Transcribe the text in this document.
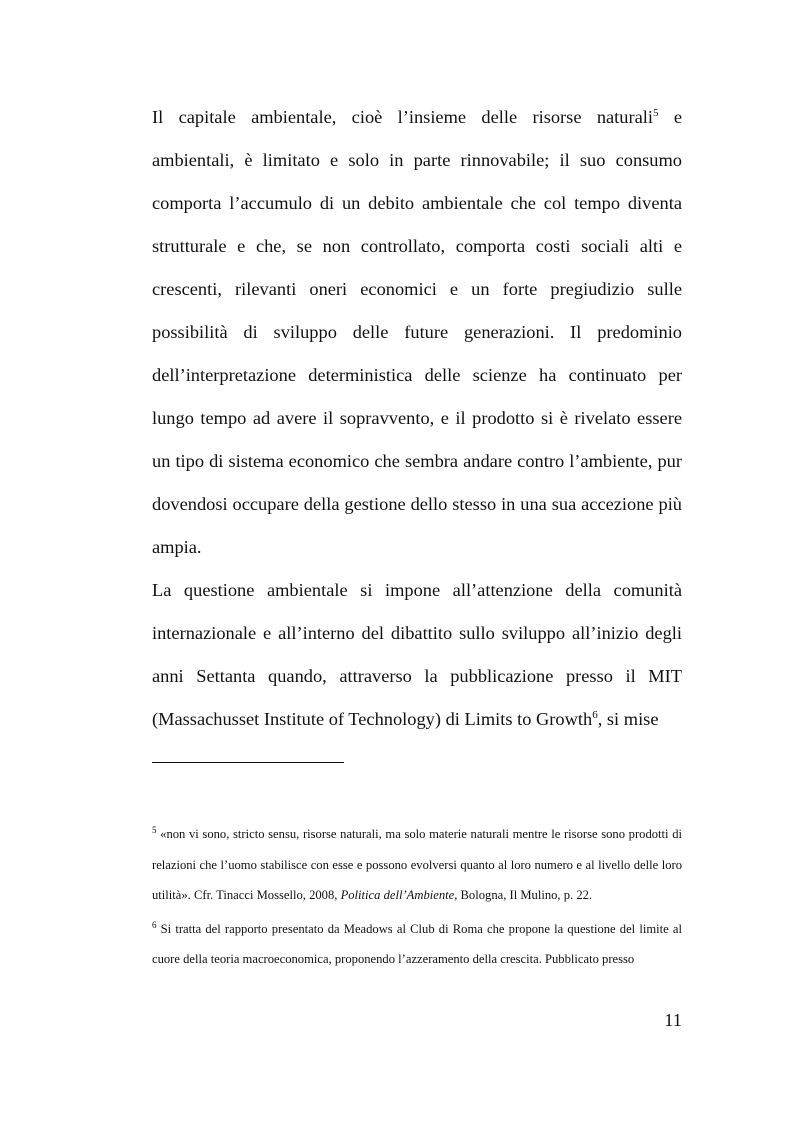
Il capitale ambientale, cioè l’insieme delle risorse naturali$^5$ e ambientali, è limitato e solo in parte rinnovabile; il suo consumo comporta l’accumulo di un debito ambientale che col tempo diventa strutturale e che, se non controllato, comporta costi sociali alti e crescenti, rilevanti oneri economici e un forte pregiudizio sulle possibilità di sviluppo delle future generazioni. Il predominio dell’interpretazione deterministica delle scienze ha continuato per lungo tempo ad avere il sopravvento, e il prodotto si è rivelato essere un tipo di sistema economico che sembra andare contro l’ambiente, pur dovendosi occupare della gestione dello stesso in una sua accezione più ampia.

La questione ambientale si impone all’attenzione della comunità internazionale e all’interno del dibattito sullo sviluppo all’inizio degli anni Settanta quando, attraverso la pubblicazione presso il MIT (Massachusset Institute of Technology) di Limits to Growth$^6$, si mise

$^5$ «non vi sono, stricto sensu, risorse naturali, ma solo materie naturali mentre le risorse sono prodotti di relazioni che l’uomo stabilisce con esse e possono evolversi quanto al loro numero e al livello delle loro utilità». Cfr. Tinacci Mossello, 2008, Politica dell’Ambiente, Bologna, Il Mulino, p. 22.

$^6$ Si tratta del rapporto presentato da Meadows al Club di Roma che propone la questione del limite al cuore della teoria macroeconomica, proponendo l’azzeramento della crescita. Pubblicato presso

11
